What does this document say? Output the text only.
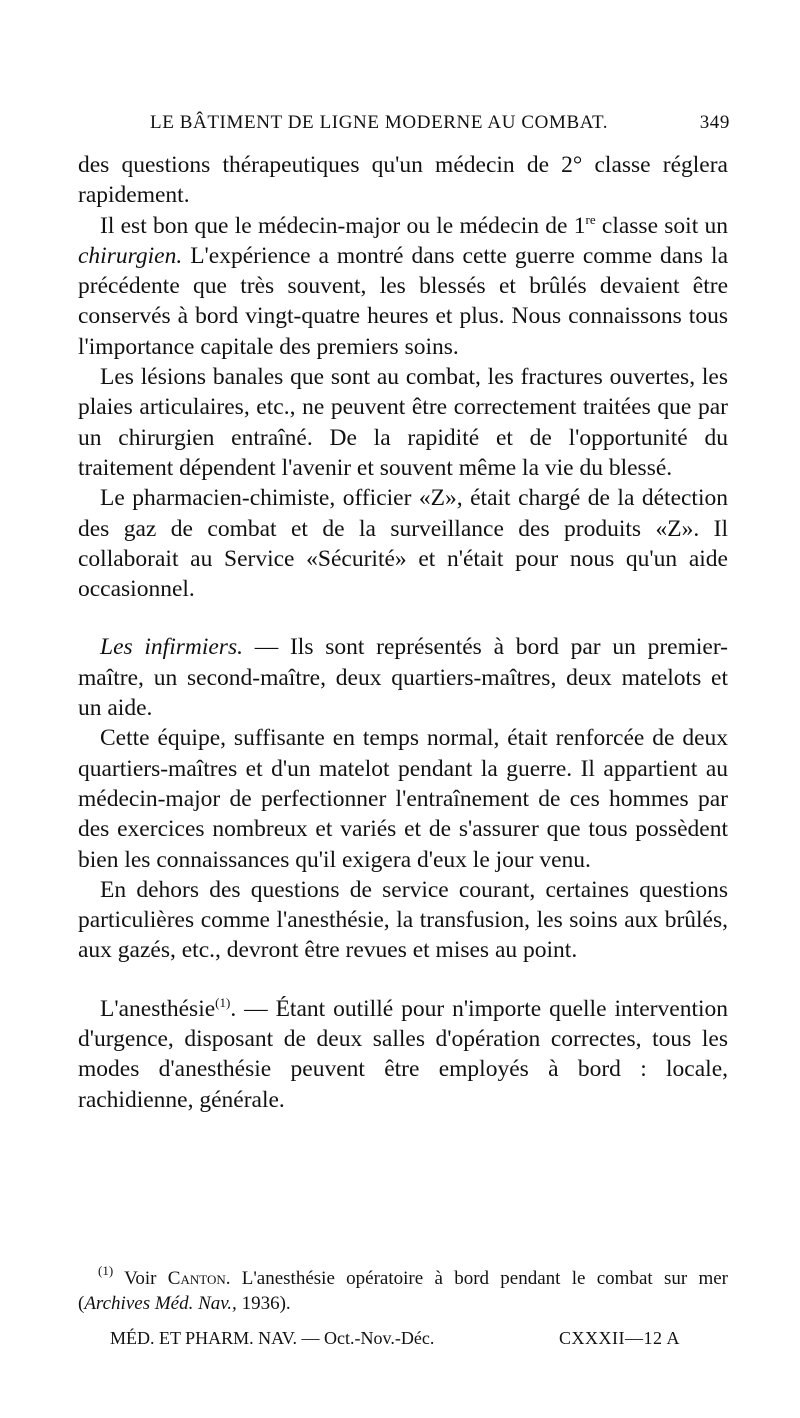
LE BÂTIMENT DE LIGNE MODERNE AU COMBAT.	349

des questions thérapeutiques qu'un médecin de 2° classe réglera rapidement.

Il est bon que le médecin-major ou le médecin de 1re classe soit un chirurgien. L'expérience a montré dans cette guerre comme dans la précédente que très souvent, les blessés et brûlés devaient être conservés à bord vingt-quatre heures et plus. Nous connaissons tous l'importance capitale des premiers soins.

Les lésions banales que sont au combat, les fractures ouvertes, les plaies articulaires, etc., ne peuvent être correctement traitées que par un chirurgien entraîné. De la rapidité et de l'opportunité du traitement dépendent l'avenir et souvent même la vie du blessé.

Le pharmacien-chimiste, officier «Z», était chargé de la détection des gaz de combat et de la surveillance des produits «Z». Il collaborait au Service «Sécurité» et n'était pour nous qu'un aide occasionnel.

Les infirmiers. — Ils sont représentés à bord par un premier-maître, un second-maître, deux quartiers-maîtres, deux matelots et un aide.

Cette équipe, suffisante en temps normal, était renforcée de deux quartiers-maîtres et d'un matelot pendant la guerre. Il appartient au médecin-major de perfectionner l'entraînement de ces hommes par des exercices nombreux et variés et de s'assurer que tous possèdent bien les connaissances qu'il exigera d'eux le jour venu.

En dehors des questions de service courant, certaines questions particulières comme l'anesthésie, la transfusion, les soins aux brûlés, aux gazés, etc., devront être revues et mises au point.

L'anesthésie$^{(1)}$. — Étant outillé pour n'importe quelle intervention d'urgence, disposant de deux salles d'opération correctes, tous les modes d'anesthésie peuvent être employés à bord : locale, rachidienne, générale.

$^{(1)}$ Voir Canton. L'anesthésie opératoire à bord pendant le combat sur mer (Archives Méd. Nav., 1936).

MÉD. ET PHARM. NAV. — Oct.-Nov.-Déc.	CXXXII—12 A
